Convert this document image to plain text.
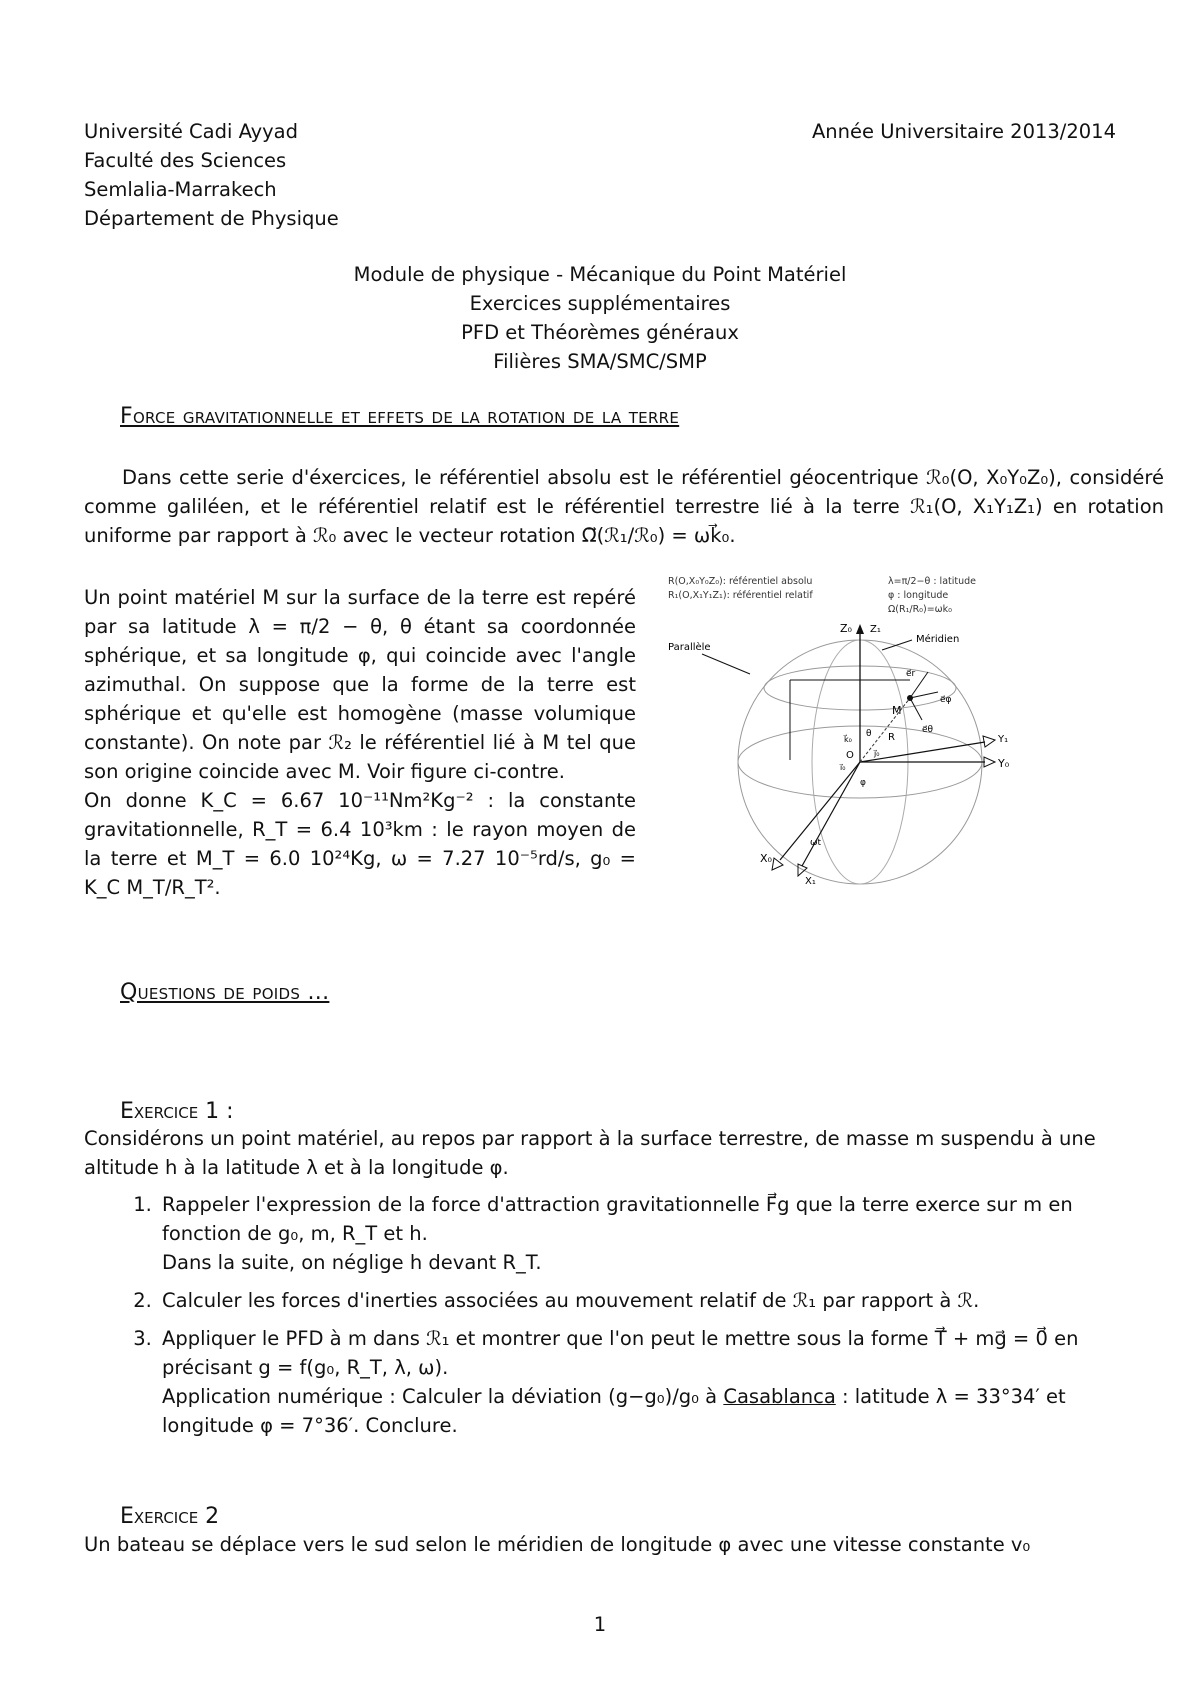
Université Cadi Ayyad
Faculté des Sciences
Semlalia-Marrakech
Département de Physique
Année Universitaire 2013/2014
Module de physique - Mécanique du Point Matériel
Exercices supplémentaires
PFD et Théorèmes généraux
Filières SMA/SMC/SMP
Force gravitationnelle et effets de la rotation de la terre
Dans cette serie d'éxercices, le référentiel absolu est le référentiel géocentrique ℛ₀(O, X₀Y₀Z₀), considéré comme galiléen, et le référentiel relatif est le référentiel terrestre lié à la terre ℛ₁(O, X₁Y₁Z₁) en rotation uniforme par rapport à ℛ₀ avec le vecteur rotation Ω⃗(ℛ₁/ℛ₀) = ωk⃗₀.
Un point matériel M sur la surface de la terre est repéré par sa latitude λ = π/2 − θ, θ étant sa coordonnée sphérique, et sa longitude φ, qui coincide avec l'angle azimuthal. On suppose que la forme de la terre est sphérique et qu'elle est homogène (masse volumique constante). On note par ℛ₂ le référentiel lié à M tel que son origine coincide avec M. Voir figure ci-contre.
On donne K_C = 6.67 10⁻¹¹Nm²Kg⁻² : la constante gravitationnelle, R_T = 6.4 10³km : le rayon moyen de la terre et M_T = 6.0 10²⁴Kg, ω = 7.27 10⁻⁵rd/s, g₀ = K_C M_T/R_T².
R(O,X₀Y₀Z₀): référentiel absolu
R₁(O,X₁Y₁Z₁): référentiel relatif
λ=π/2−θ : latitude
φ : longitude
Ω(R₁/R₀)=ωk₀
Z₀ Z₁
Y₀
Y₁
X₀
X₁
M
e⃗r
e⃗φ
e⃗θ
R
O
θ
k⃗₀
j⃗₀
i⃗₀
φ
ωt
Méridien
Parallèle
Questions de poids ...
Exercice 1 :
Considérons un point matériel, au repos par rapport à la surface terrestre, de masse m suspendu à une altitude h à la latitude λ et à la longitude φ.
1. Rappeler l'expression de la force d'attraction gravitationnelle F⃗g que la terre exerce sur m en fonction de g₀, m, R_T et h.
Dans la suite, on néglige h devant R_T.
2. Calculer les forces d'inerties associées au mouvement relatif de ℛ₁ par rapport à ℛ.
3. Appliquer le PFD à m dans ℛ₁ et montrer que l'on peut le mettre sous la forme T⃗ + mg⃗ = 0⃗ en précisant g = f(g₀, R_T, λ, ω).
Application numérique : Calculer la déviation (g−g₀)/g₀ à Casablanca : latitude λ = 33°34′ et longitude φ = 7°36′. Conclure.
Exercice 2
Un bateau se déplace vers le sud selon le méridien de longitude φ avec une vitesse constante v₀
1
